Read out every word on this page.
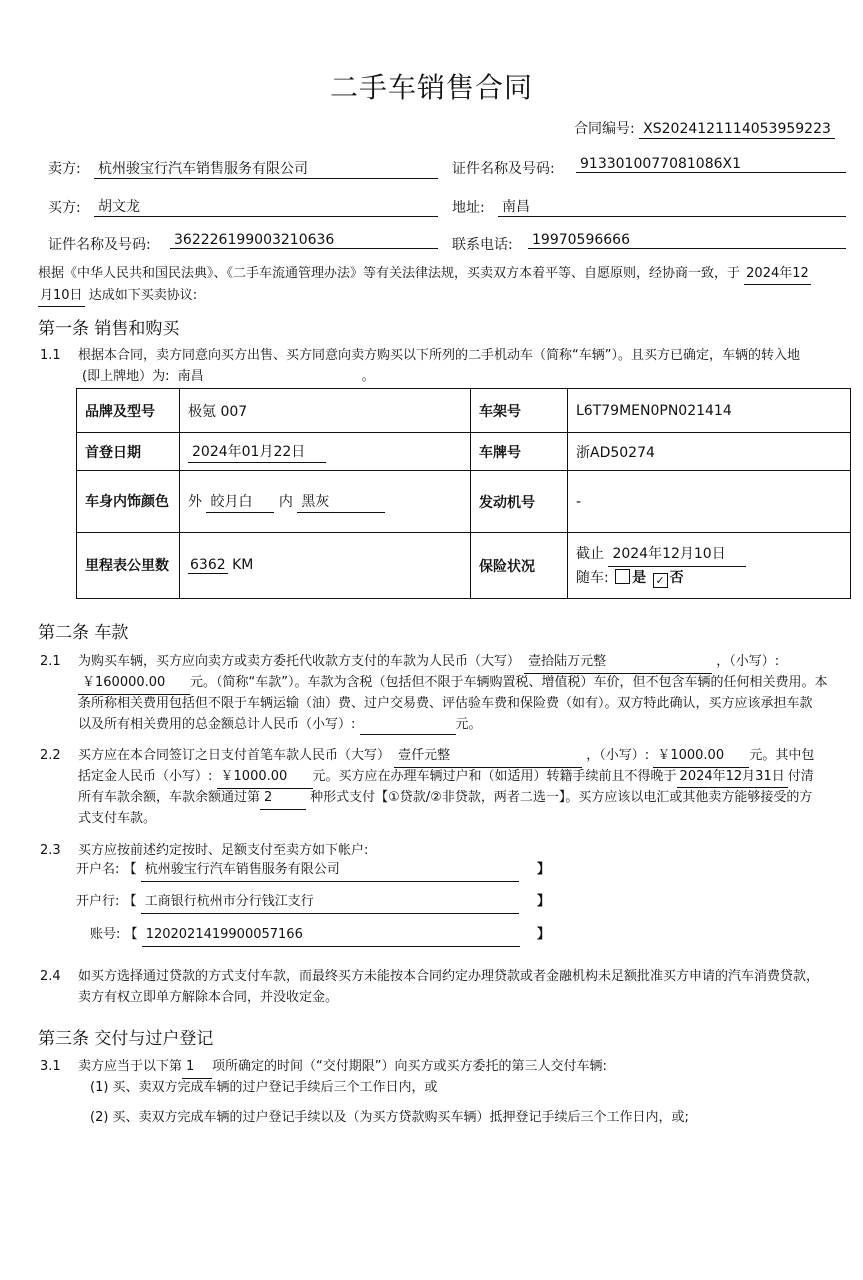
二手车销售合同
合同编号: XS20241211140539592​23
卖方: 杭州骏宝行汽车销售服务有限公司	证件名称及号码: 91330100770810​86X1
买方: 胡文龙	地址: 南昌
证件名称及号码: 362226199003210636	联系电话: 19970596666
根据《中华人民共和国民法典》、《二手车流通管理办法》等有关法律法规，买卖双方本着平等、自愿原则，经协商一致，于 2024年12
月10日 达成如下买卖协议:
第一条 销售和购买
1.1 根据本合同，卖方同意向买方出售、买方同意向卖方购买以下所列的二手机动车（简称“车辆”）。且买方已确定，车辆的转入地
(即上牌地）为: 南昌	。
品牌及型号	极氪 007	车架号	L6T79MEN0PN021414
首登日期	2024年01月22日	车牌号	浙AD50274
车身内饰颜色	外 皎月白 内 黑灰	发动机号	-
里程表公里数	6362 KM	保险状况	截止 2024年12月10日
随车: 是 ✓ 否
第二条 车款
2.1 为购买车辆，买方应向卖方或卖方委托代收款方支付的车款为人民币（大写） 壹拾陆万元整	，（小写）:
￥160000.00 元。（简称“车款”）。车款为含税（包括但不限于车辆购置税、增值税）车价，但不包含车辆的任何相关费用。本
条所称相关费用包括但不限于车辆运输（油）费、过户交易费、评估验车费和保险费（如有）。双方特此确认，买方应该承担车款
以及所有相关费用的总金额总计人民币（小写）:	元。
2.2 买方应在本合同签订之日支付首笔车款人民币（大写） 壹仟元整	，（小写）: ￥1000.00 元。其中包
括定金人民币（小写）: ￥1000.00 元。买方应在办理车辆过户和（如适用）转籍手续前且不得晚于 2024年12月31日 付清
所有车款余额，车款余额通过第 2	种形式支付【①贷款/②非贷款，两者二选一】。买方应该以电汇或其他卖方能够接受的方
式支付车款。
2.3 买方应按前述约定按时、足额支付至卖方如下帐户:
开户名: 【 杭州骏宝行汽车销售服务有限公司	】
开户行: 【 工商银行杭州市分行钱江支行	】
账号: 【 1202021419900057166	】
2.4 如买方选择通过贷款的方式支付车款，而最终买方未能按本合同约定办理贷款或者金融机构未足额批准买方申请的汽车消费贷款，
卖方有权立即单方解除本合同，并没收定金。
第三条 交付与过户登记
3.1 卖方应当于以下第 1 项所确定的时间（“交付期限”）向买方或买方委托的第三人交付车辆:
(1) 买、卖双方完成车辆的过户登记手续后三个工作日内，或
(2) 买、卖双方完成车辆的过户登记手续以及（为买方贷款购买车辆）抵押登记手续后三个工作日内，或;
